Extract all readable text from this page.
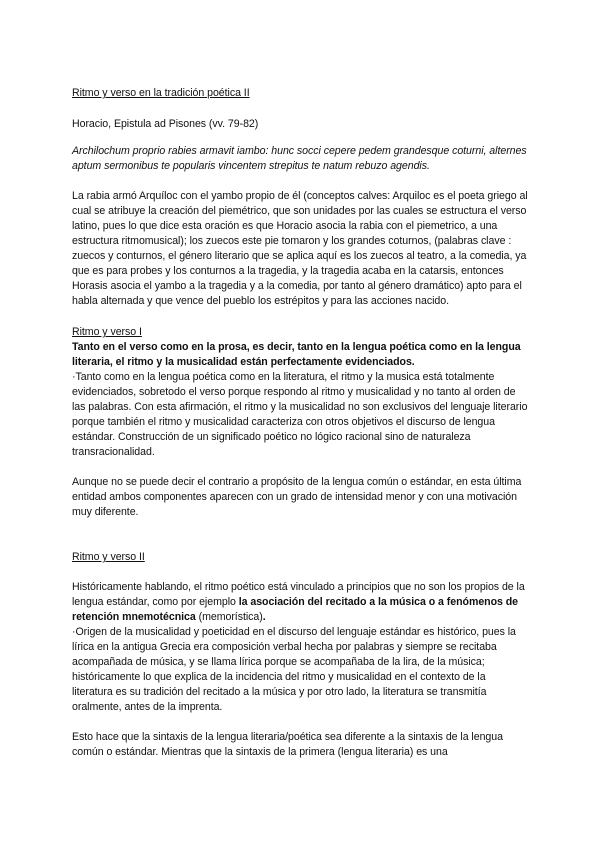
Ritmo y verso en la tradición poética II

Horacio, Epistula ad Pisones (vv. 79-82)

Archilochum proprio rabies armavit iambo: hunc socci cepere pedem grandesque coturni, alternes aptum sermonibus te popularis vincentem strepitus te natum rebuzo agendis.

La rabia armó Arquíloc con el yambo propio de él (conceptos calves: Arquiloc es el poeta griego al cual se atribuye la creación del piemétrico, que son unidades por las cuales se estructura el verso latino, pues lo que dice esta oración es que Horacio asocia la rabia con el piemetrico, a una estructura ritmomusical); los zuecos este pie tomaron y los grandes coturnos, (palabras clave : zuecos y conturnos, el género literario que se aplica aquí es los zuecos al teatro, a la comedia, ya que es para probes y los conturnos a la tragedia, y la tragedia acaba en la catarsis, entonces Horasis asocia el yambo a la tragedia y a la comedia, por tanto al género dramático) apto para el habla alternada y que vence del pueblo los estrépitos y para las acciones nacido.

Ritmo y verso I

Tanto en el verso como en la prosa, es decir, tanto en la lengua poética como en la lengua literaria, el ritmo y la musicalidad están perfectamente evidenciados.

·Tanto como en la lengua poética como en la literatura, el ritmo y la musica está totalmente evidenciados, sobretodo el verso porque respondo al ritmo y musicalidad y no tanto al orden de las palabras. Con esta afirmación, el ritmo y la musicalidad no son exclusivos del lenguaje literario porque también el ritmo y musicalidad caracteriza con otros objetivos el discurso de lengua estándar. Construcción de un significado poético no lógico racional sino de naturaleza transracionalidad.

Aunque no se puede decir el contrario a propósito de la lengua común o estándar, en esta última entidad ambos componentes aparecen con un grado de intensidad menor y con una motivación muy diferente.

Ritmo y verso II

Históricamente hablando, el ritmo poético está vinculado a principios que no son los propios de la lengua estándar, como por ejemplo la asociación del recitado a la música o a fenómenos de retención mnemotécnica (memorística).

·Origen de la musicalidad y poeticidad en el discurso del lenguaje estándar es histórico, pues la lírica en la antigua Grecia era composición verbal hecha por palabras y siempre se recitaba acompañada de música, y se llama lírica porque se acompañaba de la lira, de la música; históricamente lo que explica de la incidencia del ritmo y musicalidad en el contexto de la literatura es su tradición del recitado a la música y por otro lado, la literatura se transmitía oralmente, antes de la imprenta.

Esto hace que la sintaxis de la lengua literaria/poética sea diferente a la sintaxis de la lengua común o estándar. Mientras que la sintaxis de la primera (lengua literaria) es una
